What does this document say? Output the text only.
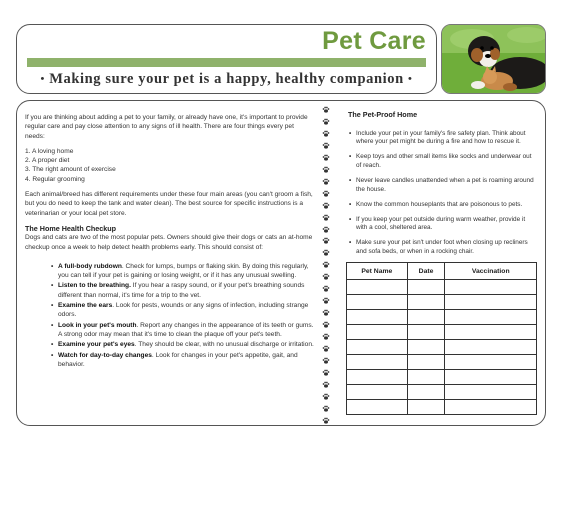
Pet Care
• Making sure your pet is a happy, healthy companion •

If you are thinking about adding a pet to your family, or already have one, it's important to provide regular care and pay close attention to any signs of ill health. There are four things every pet needs:

1. A loving home
2. A proper diet
3. The right amount of exercise
4. Regular grooming

Each animal/breed has different requirements under these four main areas (you can't groom a fish, but you do need to keep the tank and water clean). The best source for specific instructions is a veterinarian or your local pet store.

The Home Health Checkup

Dogs and cats are two of the most popular pets. Owners should give their dogs or cats an at-home checkup once a week to help detect health problems early. This should consist of:

• A full-body rubdown. Check for lumps, bumps or flaking skin. By doing this regularly, you can tell if your pet is gaining or losing weight, or if it has any unusual swelling.
• Listen to the breathing. If you hear a raspy sound, or if your pet's breathing sounds different than normal, it's time for a trip to the vet.
• Examine the ears. Look for pests, wounds or any signs of infection, including strange odors.
• Look in your pet's mouth. Report any changes in the appearance of its teeth or gums. A strong odor may mean that it's time to clean the plaque off your pet's teeth.
• Examine your pet's eyes. They should be clear, with no unusual discharge or irritation.
• Watch for day-to-day changes. Look for changes in your pet's appetite, gait, and behavior.
The Pet-Proof Home
• Include your pet in your family's fire safety plan. Think about where your pet might be during a fire and how to rescue it.
• Keep toys and other small items like socks and underwear out of reach.
• Never leave candles unattended when a pet is roaming around the house.
• Know the common houseplants that are poisonous to pets.
• If you keep your pet outside during warm weather, provide it with a cool, sheltered area.
• Make sure your pet isn't under foot when closing up recliners and sofa beds, or when in a rocking chair.
Pet Name	Date	Vaccination
